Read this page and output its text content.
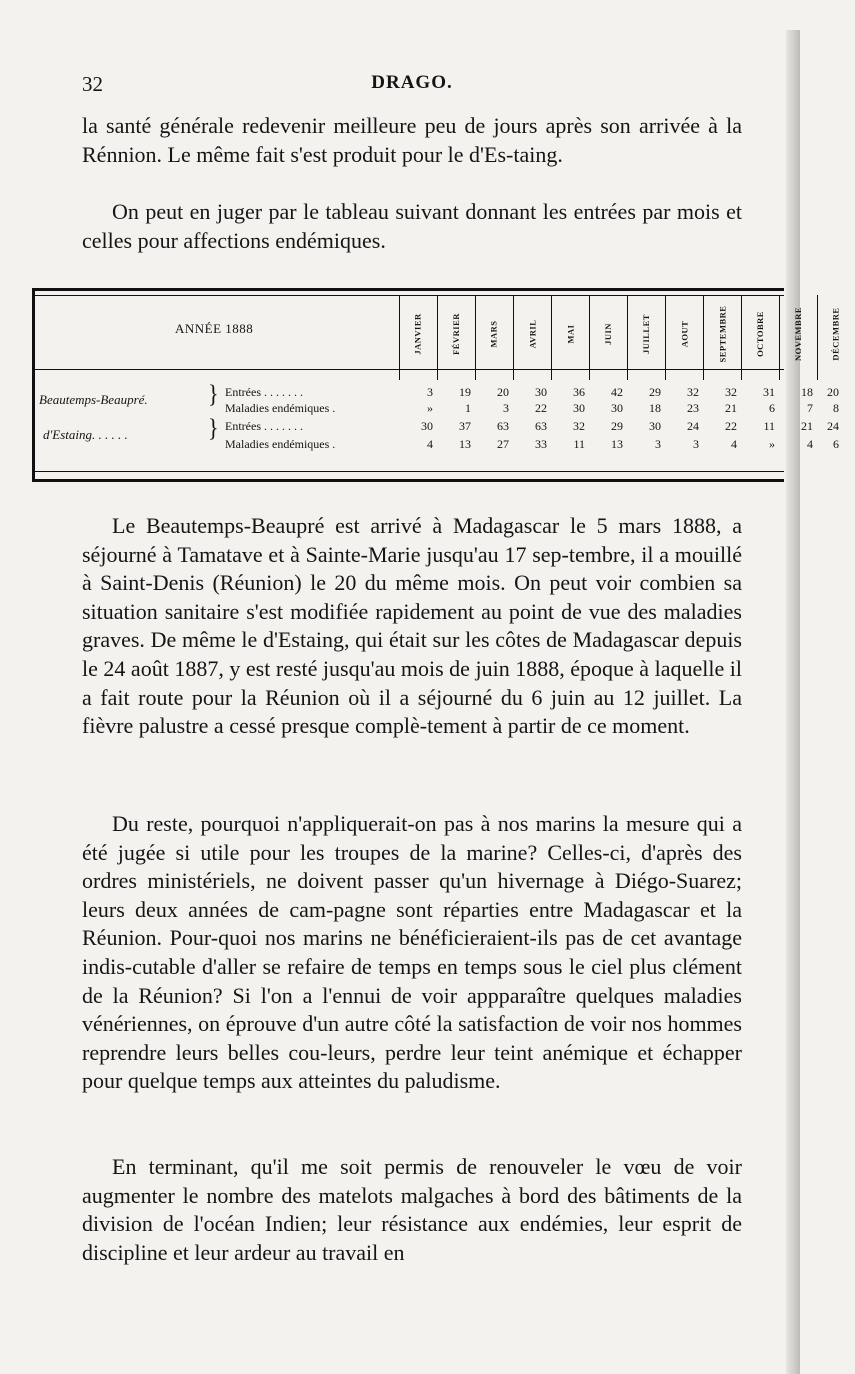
32	DRAGO.

la santé générale redevenir meilleure peu de jours après son arrivée à la Rénnion. Le même fait s'est produit pour le d'Es-taing.

On peut en juger par le tableau suivant donnant les entrées par mois et celles pour affections endémiques.

ANNÉE 1888	JANVIER	FÉVRIER	MARS	AVRIL	MAI	JUIN	JUILLET	AOUT	SEPTEMBRE	OCTOBRE	NOVEMBRE	DÉCEMBRE
Beautemps-Beaupré.	} Entrées . . . . . . .	3	19	20	30	36	42	29	32	32	31	18	20
Maladies endémiques .	»	1	3	22	30	30	18	23	21	6	7	8
d'Estaing. . . . . .	} Entrées . . . . . . .	30	37	63	63	32	29	30	24	22	11	21	24
Maladies endémiques .	4	13	27	33	11	13	3	3	4	»	4	6

Le Beautemps-Beaupré est arrivé à Madagascar le 5 mars 1888, a séjourné à Tamatave et à Sainte-Marie jusqu'au 17 sep-tembre, il a mouillé à Saint-Denis (Réunion) le 20 du même mois. On peut voir combien sa situation sanitaire s'est modifiée rapidement au point de vue des maladies graves. De même le d'Estaing, qui était sur les côtes de Madagascar depuis le 24 août 1887, y est resté jusqu'au mois de juin 1888, époque à laquelle il a fait route pour la Réunion où il a séjourné du 6 juin au 12 juillet. La fièvre palustre a cessé presque complè-tement à partir de ce moment.

Du reste, pourquoi n'appliquerait-on pas à nos marins la mesure qui a été jugée si utile pour les troupes de la marine? Celles-ci, d'après des ordres ministériels, ne doivent passer qu'un hivernage à Diégo-Suarez; leurs deux années de cam-pagne sont réparties entre Madagascar et la Réunion. Pour-quoi nos marins ne bénéficieraient-ils pas de cet avantage indis-cutable d'aller se refaire de temps en temps sous le ciel plus clément de la Réunion? Si l'on a l'ennui de voir appparaître quelques maladies vénériennes, on éprouve d'un autre côté la satisfaction de voir nos hommes reprendre leurs belles cou-leurs, perdre leur teint anémique et échapper pour quelque temps aux atteintes du paludisme.

En terminant, qu'il me soit permis de renouveler le vœu de voir augmenter le nombre des matelots malgaches à bord des bâtiments de la division de l'océan Indien; leur résistance aux endémies, leur esprit de discipline et leur ardeur au travail en
